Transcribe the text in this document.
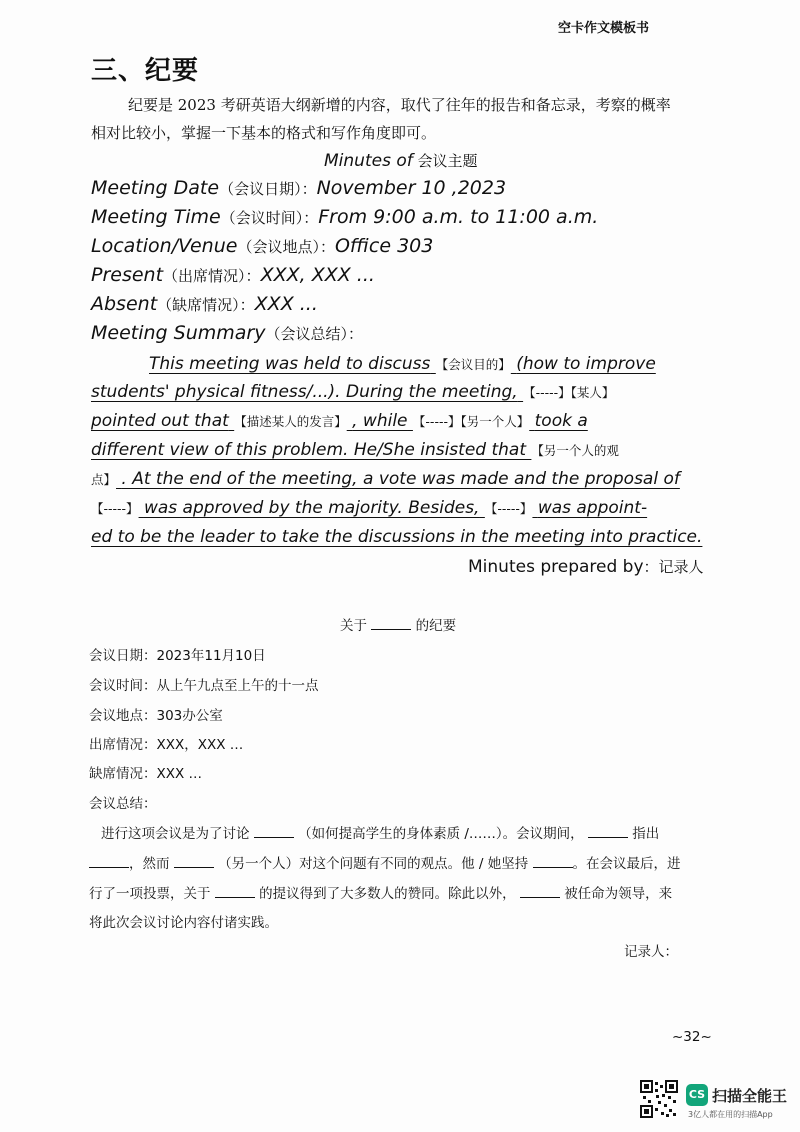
空卡作文模板书
三、纪要
纪要是 2023 考研英语大纲新增的内容，取代了往年的报告和备忘录，考察的概率
相对比较小，掌握一下基本的格式和写作角度即可。
Minutes of 会议主题
Meeting Date（会议日期）：November 10 ,2023
Meeting Time（会议时间）：From 9:00 a.m. to 11:00 a.m.
Location/Venue（会议地点）：Office 303
Present（出席情况）：XXX, XXX ...
Absent（缺席情况）：XXX ...
Meeting Summary（会议总结）：
This meeting was held to discuss 【会议目的】 (how to improve
students' physical fitness/...). During the meeting, 【-----】【某人】
pointed out that 【描述某人的发言】 , while 【-----】【另一个人】 took a
different view of this problem. He/She insisted that 【另一个人的观
点】 . At the end of the meeting, a vote was made and the proposal of
【-----】 was approved by the majority. Besides, 【-----】 was appoint-
ed to be the leader to take the discussions in the meeting into practice.
Minutes prepared by：记录人
关于	的纪要
会议日期：2023年11月10日
会议时间：从上午九点至上午的十一点
会议地点：303办公室
出席情况：XXX，XXX …
缺席情况：XXX …
会议总结：
进行这项会议是为了讨论	（如何提高学生的身体素质 /……）。会议期间，	指出
，然而	（另一个人）对这个问题有不同的观点。他 / 她坚持	。在会议最后，进
行了一项投票，关于	的提议得到了大多数人的赞同。除此以外，	被任命为领导，来
将此次会议讨论内容付诸实践。
记录人：
~32~
CS 扫描全能王
3亿人都在用的扫描App
